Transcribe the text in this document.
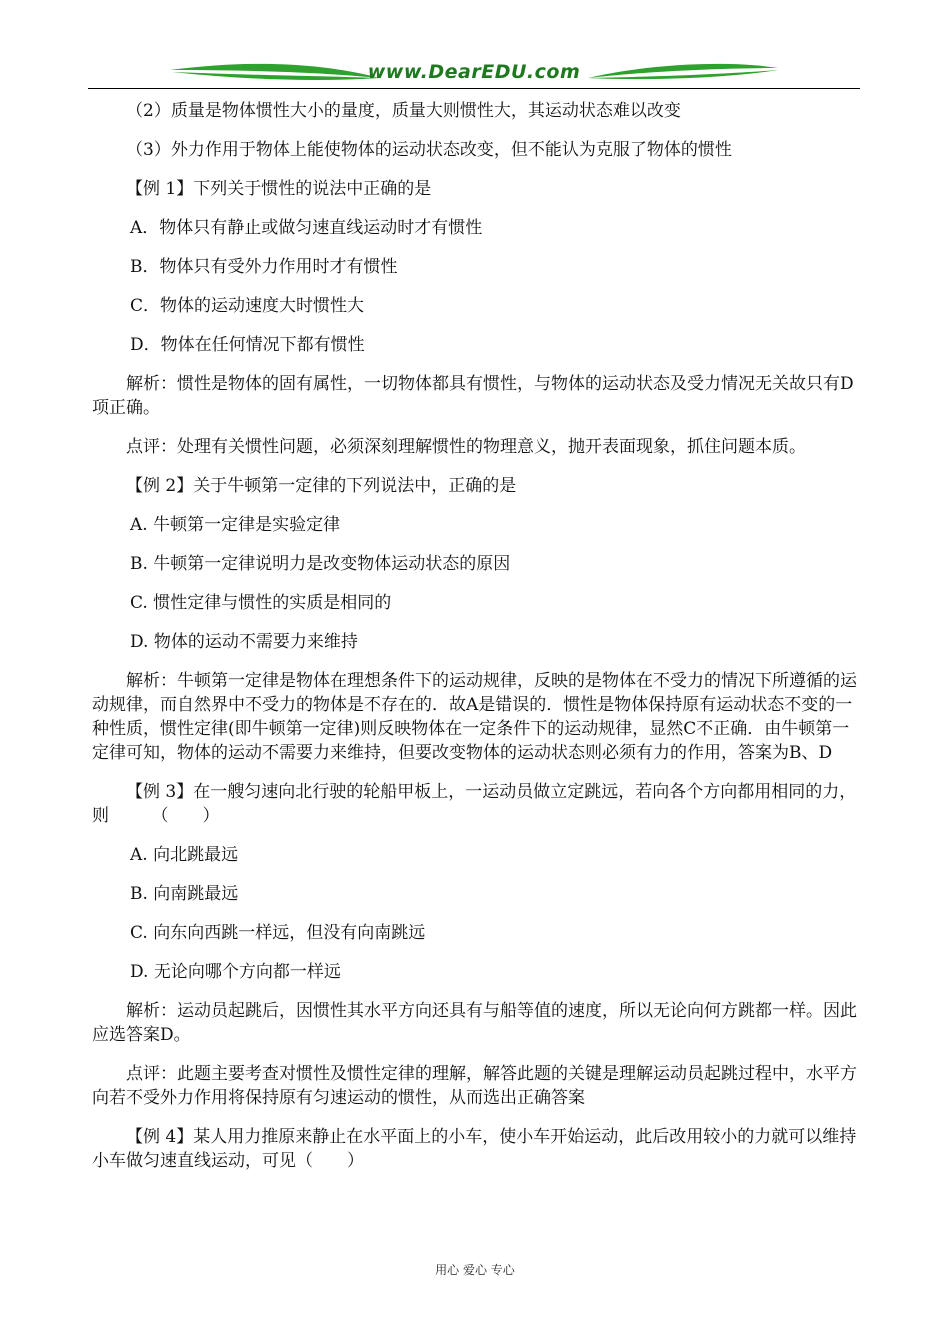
www.DearEDU.com

（2）质量是物体惯性大小的量度，质量大则惯性大，其运动状态难以改变

（3）外力作用于物体上能使物体的运动状态改变，但不能认为克服了物体的惯性

【例 1】下列关于惯性的说法中正确的是

A．物体只有静止或做匀速直线运动时才有惯性

B．物体只有受外力作用时才有惯性

C．物体的运动速度大时惯性大

D．物体在任何情况下都有惯性

解析：惯性是物体的固有属性，一切物体都具有惯性，与物体的运动状态及受力情况无关故只有D项正确。

点评：处理有关惯性问题，必须深刻理解惯性的物理意义，抛开表面现象，抓住问题本质。

【例 2】关于牛顿第一定律的下列说法中，正确的是

A. 牛顿第一定律是实验定律

B. 牛顿第一定律说明力是改变物体运动状态的原因

C. 惯性定律与惯性的实质是相同的

D. 物体的运动不需要力来维持

解析：牛顿第一定律是物体在理想条件下的运动规律，反映的是物体在不受力的情况下所遵循的运动规律，而自然界中不受力的物体是不存在的．故A是错误的．惯性是物体保持原有运动状态不变的一种性质，惯性定律(即牛顿第一定律)则反映物体在一定条件下的运动规律，显然C不正确．由牛顿第一定律可知，物体的运动不需要力来维持，但要改变物体的运动状态则必须有力的作用，答案为B、D

【例 3】在一艘匀速向北行驶的轮船甲板上，一运动员做立定跳远，若向各个方向都用相同的力，则　　　（　　）

A. 向北跳最远

B. 向南跳最远

C. 向东向西跳一样远，但没有向南跳远

D. 无论向哪个方向都一样远

解析：运动员起跳后，因惯性其水平方向还具有与船等值的速度，所以无论向何方跳都一样。因此应选答案D。

点评：此题主要考查对惯性及惯性定律的理解，解答此题的关键是理解运动员起跳过程中，水平方向若不受外力作用将保持原有匀速运动的惯性，从而选出正确答案

【例 4】某人用力推原来静止在水平面上的小车，使小车开始运动，此后改用较小的力就可以维持小车做匀速直线运动，可见（　　）

用心 爱心 专心
